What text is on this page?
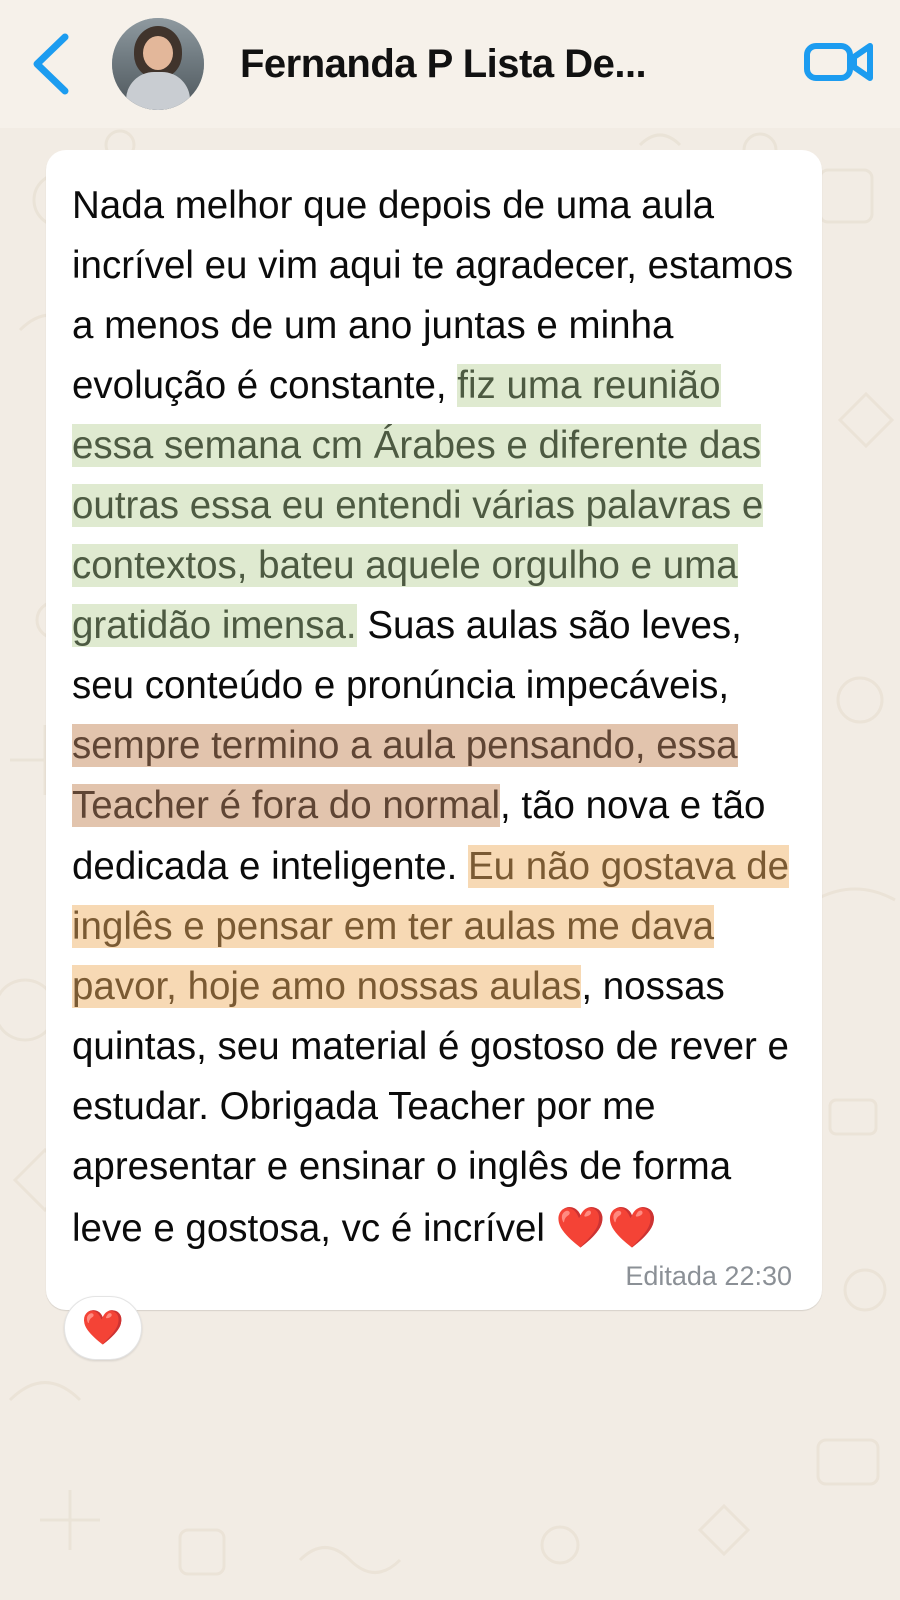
Fernanda P Lista De...
Nada melhor que depois de uma aula incrível eu vim aqui te agradecer, estamos a menos de um ano juntas e minha evolução é constante, fiz uma reunião essa semana cm Árabes e diferente das outras essa eu entendi várias palavras e contextos, bateu aquele orgulho e uma gratidão imensa. Suas aulas são leves, seu conteúdo e pronúncia impecáveis, sempre termino a aula pensando, essa Teacher é fora do normal, tão nova e tão dedicada e inteligente. Eu não gostava de inglês e pensar em ter aulas me dava pavor, hoje amo nossas aulas, nossas quintas, seu material é gostoso de rever e estudar. Obrigada Teacher por me apresentar e ensinar o inglês de forma leve e gostosa, vc é incrível ❤️❤️
Editada 22:30
❤️
